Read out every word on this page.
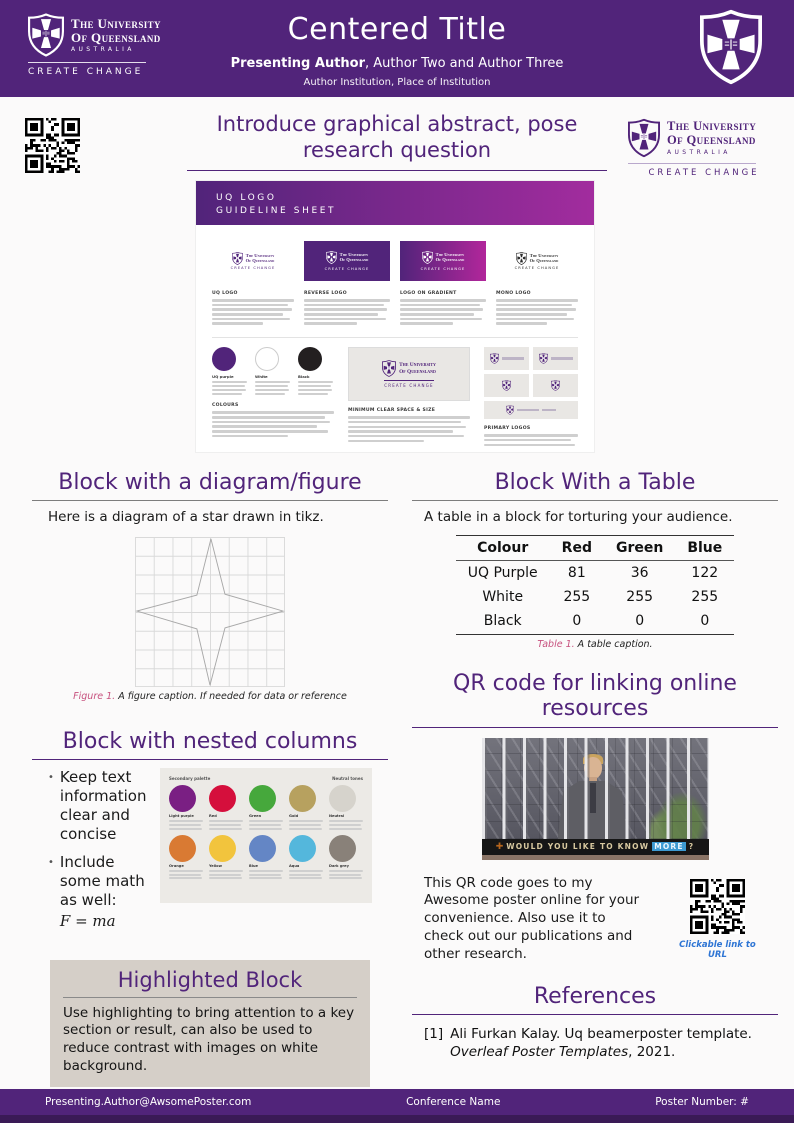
The University
Of Queensland
AUSTRALIA
CREATE CHANGE
Centered Title
Presenting Author, Author Two and Author Three
Author Institution, Place of Institution
Introduce graphical abstract, pose research question
The University
Of Queensland
AUSTRALIA
CREATE CHANGE
UQ LOGO
GUIDELINE SHEET
The University
Of Queensland
CREATE CHANGE
UQ LOGO
The University
Of Queensland
CREATE CHANGE
REVERSE LOGO
The University
Of Queensland
CREATE CHANGE
LOGO ON GRADIENT
The University
Of Queensland
CREATE CHANGE
MONO LOGO
UQ purple	White	Black
COLOURS
The University
Of Queensland
CREATE CHANGE
MINIMUM CLEAR SPACE & SIZE
PRIMARY LOGOS
Block with a diagram/figure
Here is a diagram of a star drawn in tikz.
Figure 1. A figure caption. If needed for data or reference
Block with nested columns
• Keep text information clear and concise
• Include some math as well:
F = ma
Secondary palette	Neutral tones
Light purple	Red	Green	Gold	Neutral
Orange	Yellow	Blue	Aqua	Dark grey
Highlighted Block
Use highlighting to bring attention to a key section or result, can also be used to reduce contrast with images on white background.
Block With a Table
A table in a block for torturing your audience.
Colour	Red	Green	Blue
UQ Purple	81	36	122
White	255	255	255
Black	0	0	0
Table 1. A table caption.
QR code for linking online resources
✚ WOULD YOU LIKE TO KNOW MORE ?

This QR code goes to my Awesome poster online for your convenience. Also use it to check out our publications and other research.

Clickable link to URL
References
[1] Ali Furkan Kalay. Uq beamerposter template.
Overleaf Poster Templates, 2021.
Presenting.Author@AwsomePoster.com	Conference Name	Poster Number: #
